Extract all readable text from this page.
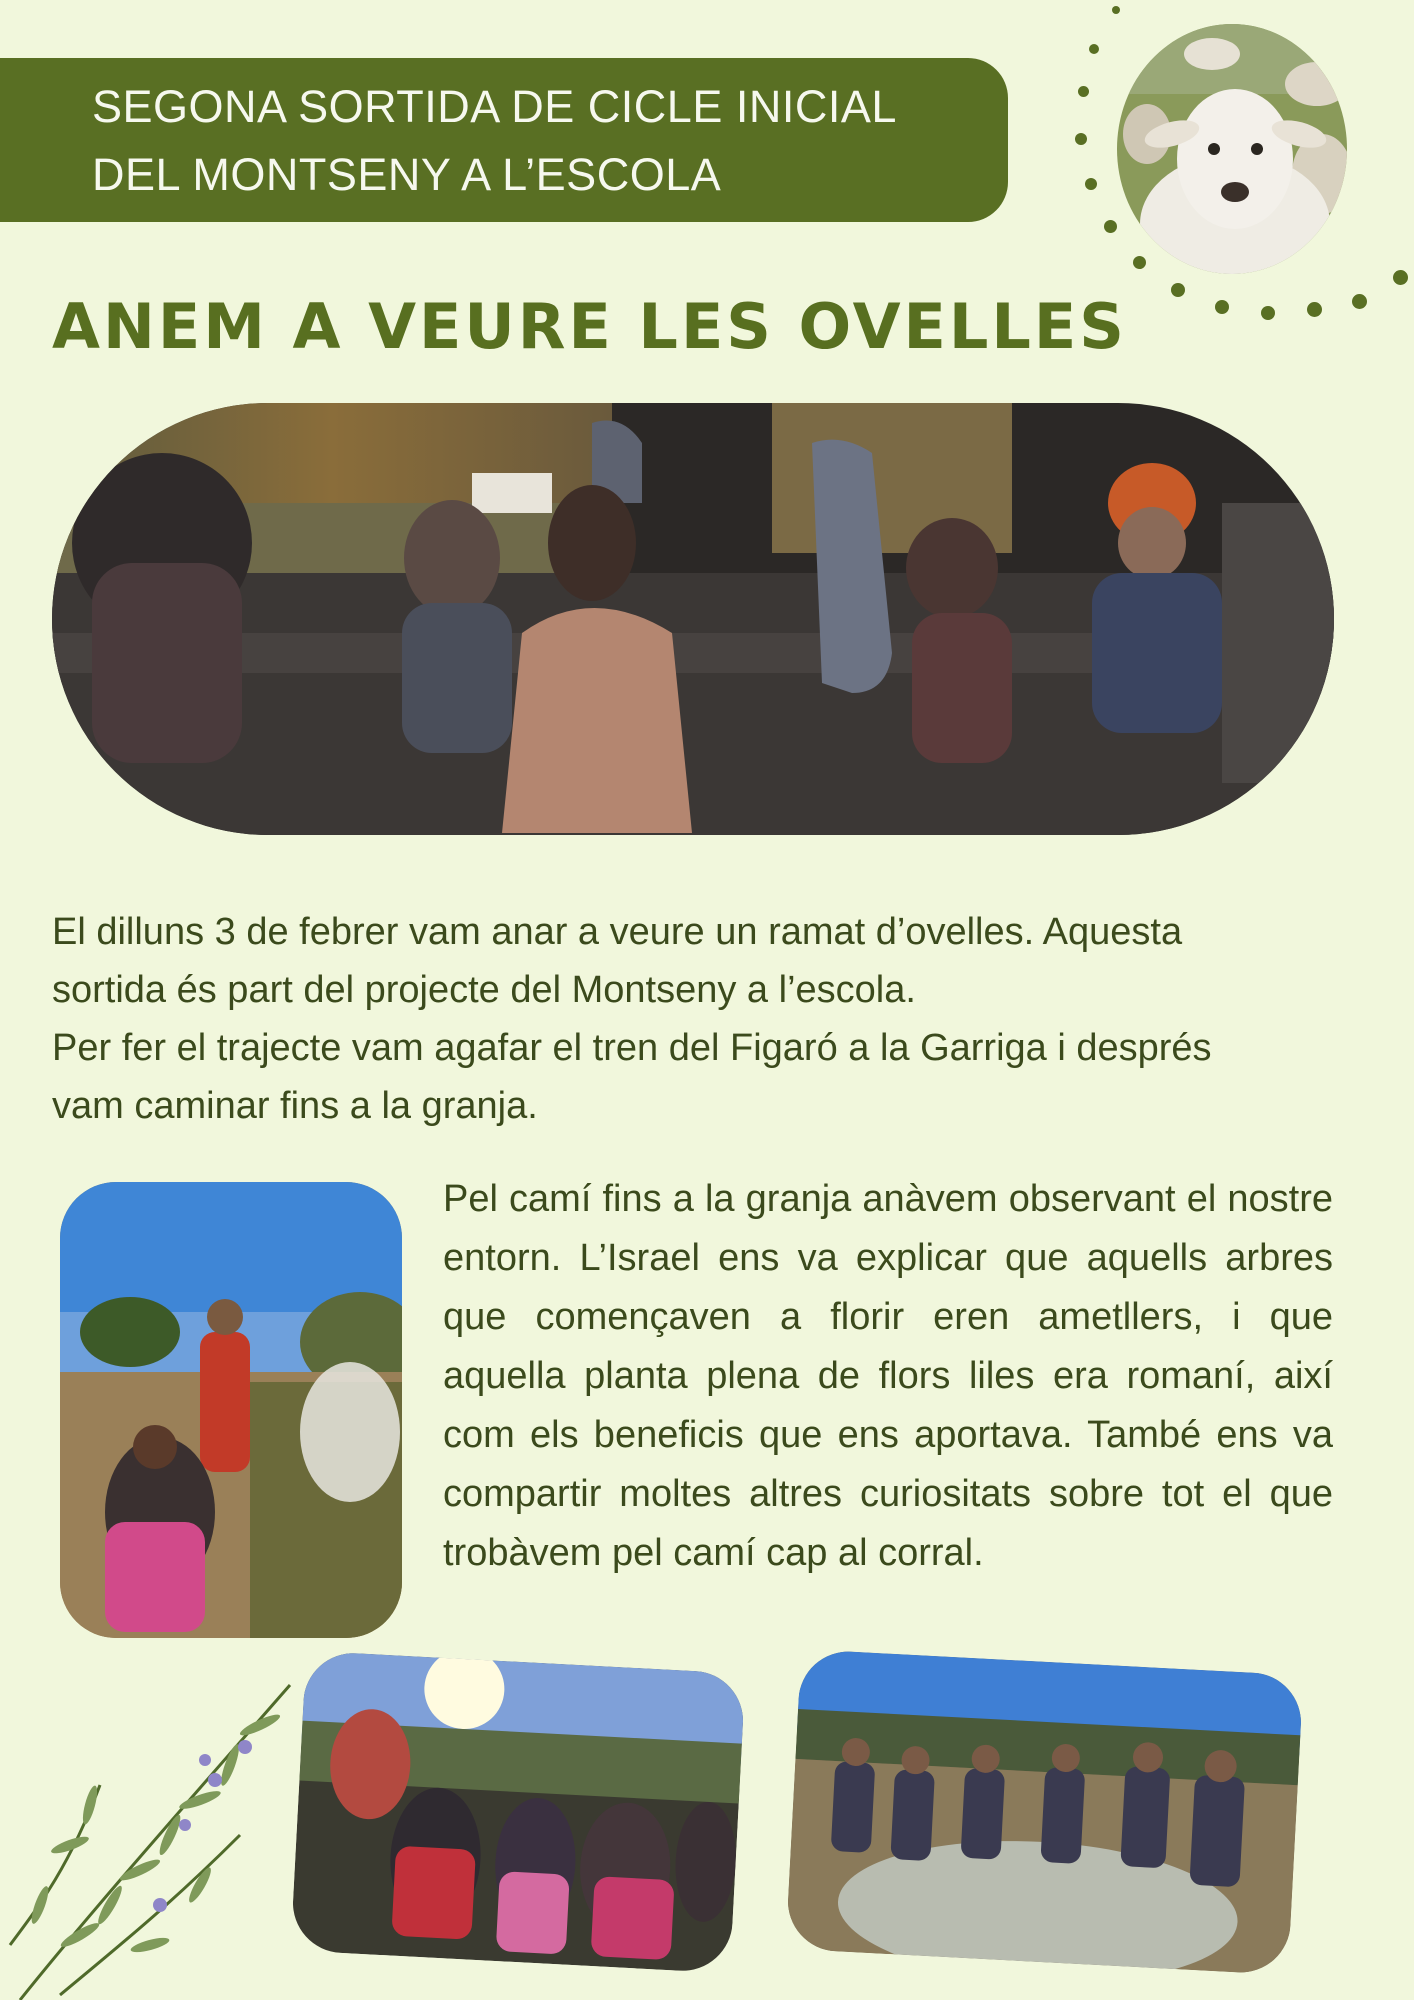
SEGONA SORTIDA DE CICLE INICIAL
DEL MONTSENY A L’ESCOLA
ANEM A VEURE LES OVELLES

El dilluns 3 de febrer vam anar a veure un ramat d’ovelles. Aquesta

sortida és part del projecte del Montseny a l’escola.

Per fer el trajecte vam agafar el tren del Figaró a la Garriga i després

vam caminar fins a la granja.

Pel camí fins a la granja anàvem observant el nostre entorn. L’Israel ens va explicar que aquells arbres que començaven a florir eren ametllers, i que aquella planta plena de flors liles era romaní, així com els beneficis que ens aportava. També ens va compartir moltes altres curiositats sobre tot el que trobàvem pel camí cap al corral.
